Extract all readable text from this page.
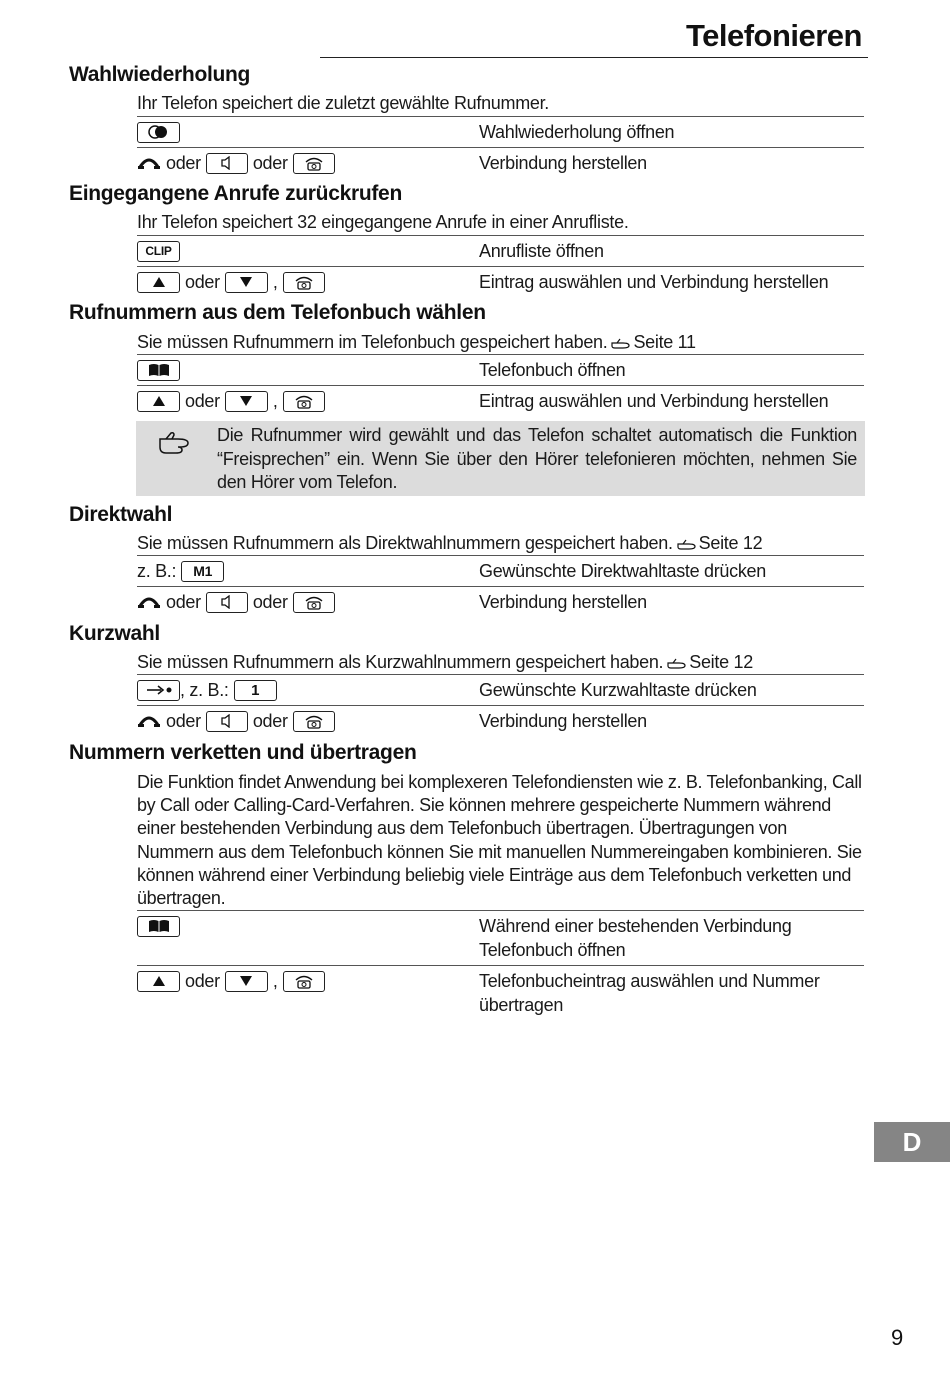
Telefonieren
Wahlwiederholung
Ihr Telefon speichert die zuletzt gewählte Rufnummer.
Wahlwiederholung öffnen
oder	oder	Verbindung herstellen
Eingegangene Anrufe zurückrufen
Ihr Telefon speichert 32 eingegangene Anrufe in einer Anrufliste.
CLIP	Anrufliste öffnen
oder	,	Eintrag auswählen und Verbindung herstellen
Rufnummern aus dem Telefonbuch wählen
Sie müssen Rufnummern im Telefonbuch gespeichert haben. Seite 11
Telefonbuch öffnen
oder	,	Eintrag auswählen und Verbindung herstellen
Die Rufnummer wird gewählt und das Telefon schaltet automatisch die Funktion “Freisprechen” ein. Wenn Sie über den Hörer telefonieren möchten, nehmen Sie den Hörer vom Telefon.
Direktwahl
Sie müssen Rufnummern als Direktwahlnummern gespeichert haben. Seite 12
z. B.:	M1	Gewünschte Direktwahltaste drücken
oder	oder	Verbindung herstellen
Kurzwahl
Sie müssen Rufnummern als Kurzwahlnummern gespeichert haben. Seite 12
, z. B.:	1	Gewünschte Kurzwahltaste drücken
oder	oder	Verbindung herstellen
Nummern verketten und übertragen
Die Funktion findet Anwendung bei komplexeren Telefondiensten wie z. B. Telefonbanking, Call by Call oder Calling-Card-Verfahren. Sie können mehrere gespeicherte Nummern während einer bestehenden Verbindung aus dem Telefonbuch übertragen. Übertragungen von Nummern aus dem Telefonbuch können Sie mit manuellen Nummereingaben kombinieren. Sie können während einer Verbindung beliebig viele Einträge aus dem Telefonbuch verketten und übertragen.
Während einer bestehenden Verbindung Telefonbuch öffnen
oder	,	Telefonbucheintrag auswählen und Nummer übertragen
D
9
